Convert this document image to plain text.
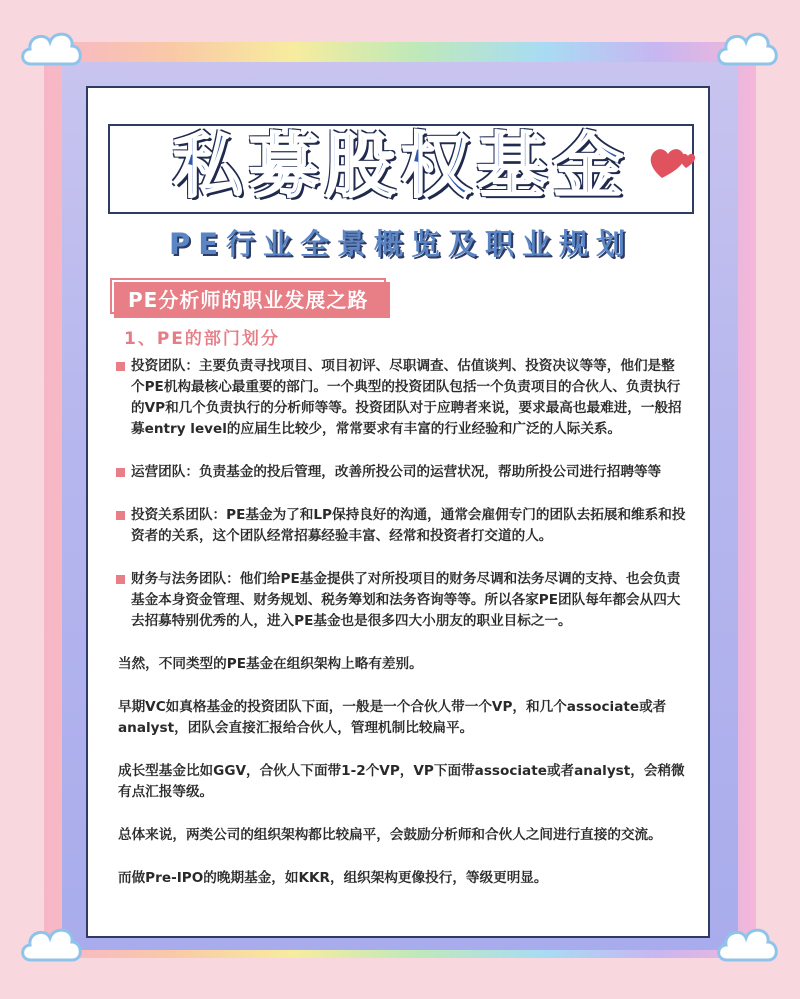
私募股权基金
PE行业全景概览及职业规划
PE分析师的职业发展之路
1、PE的部门划分
投资团队：主要负责寻找项目、项目初评、尽职调查、估值谈判、投资决议等等，他们是整个PE机构最核心最重要的部门。一个典型的投资团队包括一个负责项目的合伙人、负责执行的VP和几个负责执行的分析师等等。投资团队对于应聘者来说，要求最高也最难进，一般招募entry level的应届生比较少，常常要求有丰富的行业经验和广泛的人际关系。
运营团队：负责基金的投后管理，改善所投公司的运营状况，帮助所投公司进行招聘等等
投资关系团队：PE基金为了和LP保持良好的沟通，通常会雇佣专门的团队去拓展和维系和投资者的关系，这个团队经常招募经验丰富、经常和投资者打交道的人。
财务与法务团队：他们给PE基金提供了对所投项目的财务尽调和法务尽调的支持、也会负责基金本身资金管理、财务规划、税务筹划和法务咨询等等。所以各家PE团队每年都会从四大去招募特别优秀的人，进入PE基金也是很多四大小朋友的职业目标之一。
当然，不同类型的PE基金在组织架构上略有差别。
早期VC如真格基金的投资团队下面，一般是一个合伙人带一个VP，和几个associate或者analyst，团队会直接汇报给合伙人，管理机制比较扁平。
成长型基金比如GGV，合伙人下面带1-2个VP，VP下面带associate或者analyst，会稍微有点汇报等级。
总体来说，两类公司的组织架构都比较扁平，会鼓励分析师和合伙人之间进行直接的交流。
而做Pre-IPO的晚期基金，如KKR，组织架构更像投行，等级更明显。
